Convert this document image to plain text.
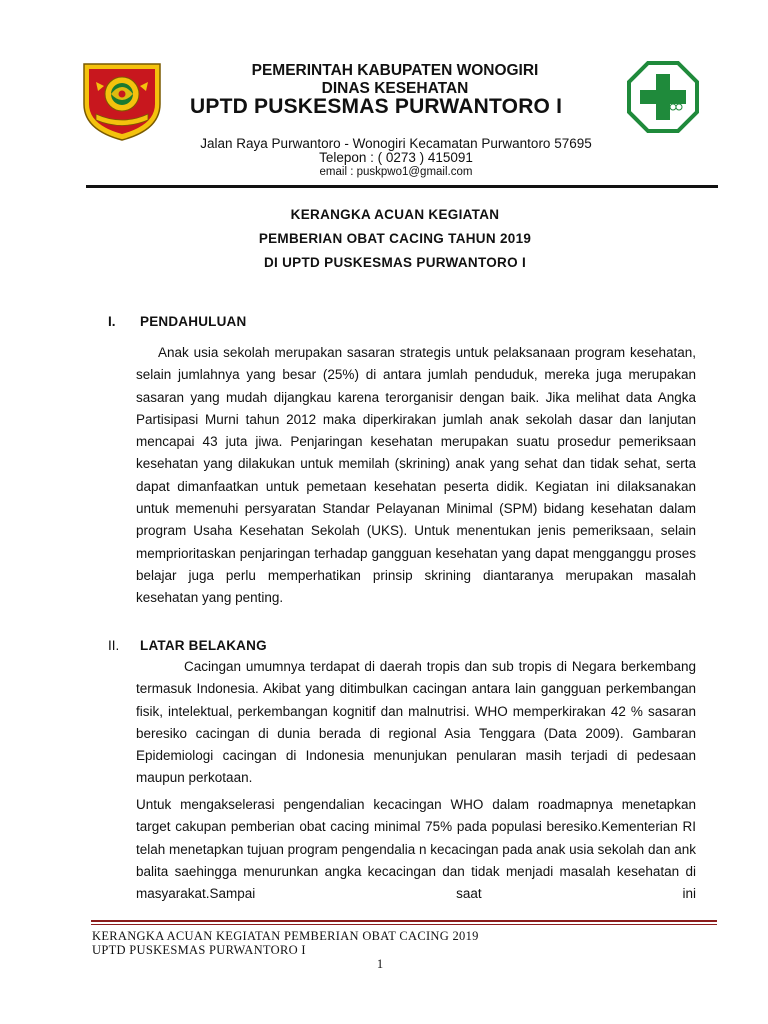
PEMERINTAH KABUPATEN WONOGIRI
DINAS KESEHATAN
UPTD PUSKESMAS PURWANTORO I
Jalan Raya Purwantoro - Wonogiri Kecamatan Purwantoro 57695
Telepon : ( 0273 ) 415091
email : puskpwo1@gmail.com
KERANGKA ACUAN KEGIATAN
PEMBERIAN OBAT CACING TAHUN 2019
DI UPTD PUSKESMAS PURWANTORO I
I. PENDAHULUAN
Anak usia sekolah merupakan sasaran strategis untuk pelaksanaan program kesehatan, selain jumlahnya yang besar (25%) di antara jumlah penduduk, mereka juga merupakan sasaran yang mudah dijangkau karena terorganisir dengan baik. Jika melihat data Angka Partisipasi Murni tahun 2012 maka diperkirakan jumlah anak sekolah dasar dan lanjutan mencapai 43 juta jiwa. Penjaringan kesehatan merupakan suatu prosedur pemeriksaan kesehatan yang dilakukan untuk memilah (skrining) anak yang sehat dan tidak sehat, serta dapat dimanfaatkan untuk pemetaan kesehatan peserta didik. Kegiatan ini dilaksanakan untuk memenuhi persyaratan Standar Pelayanan Minimal (SPM) bidang kesehatan dalam program Usaha Kesehatan Sekolah (UKS). Untuk menentukan jenis pemeriksaan, selain memprioritaskan penjaringan terhadap gangguan kesehatan yang dapat mengganggu proses belajar juga perlu memperhatikan prinsip skrining diantaranya merupakan masalah kesehatan yang penting.
II. LATAR BELAKANG
Cacingan umumnya terdapat di daerah tropis dan sub tropis di Negara berkembang termasuk Indonesia. Akibat yang ditimbulkan cacingan antara lain gangguan perkembangan fisik, intelektual, perkembangan kognitif dan malnutrisi. WHO memperkirakan 42 % sasaran beresiko cacingan di dunia berada di regional Asia Tenggara (Data 2009). Gambaran Epidemiologi cacingan di Indonesia menunjukan penularan masih terjadi di pedesaan maupun perkotaan.
Untuk mengakselerasi pengendalian kecacingan WHO dalam roadmapnya menetapkan target cakupan pemberian obat cacing minimal 75% pada populasi beresiko.Kementerian RI telah menetapkan tujuan program pengendalia n kecacingan pada anak usia sekolah dan ank balita saehingga menurunkan angka kecacingan dan tidak menjadi masalah kesehatan di masyarakat.Sampai saat ini
KERANGKA ACUAN KEGIATAN PEMBERIAN OBAT CACING 2019
UPTD PUSKESMAS PURWANTORO I
1
